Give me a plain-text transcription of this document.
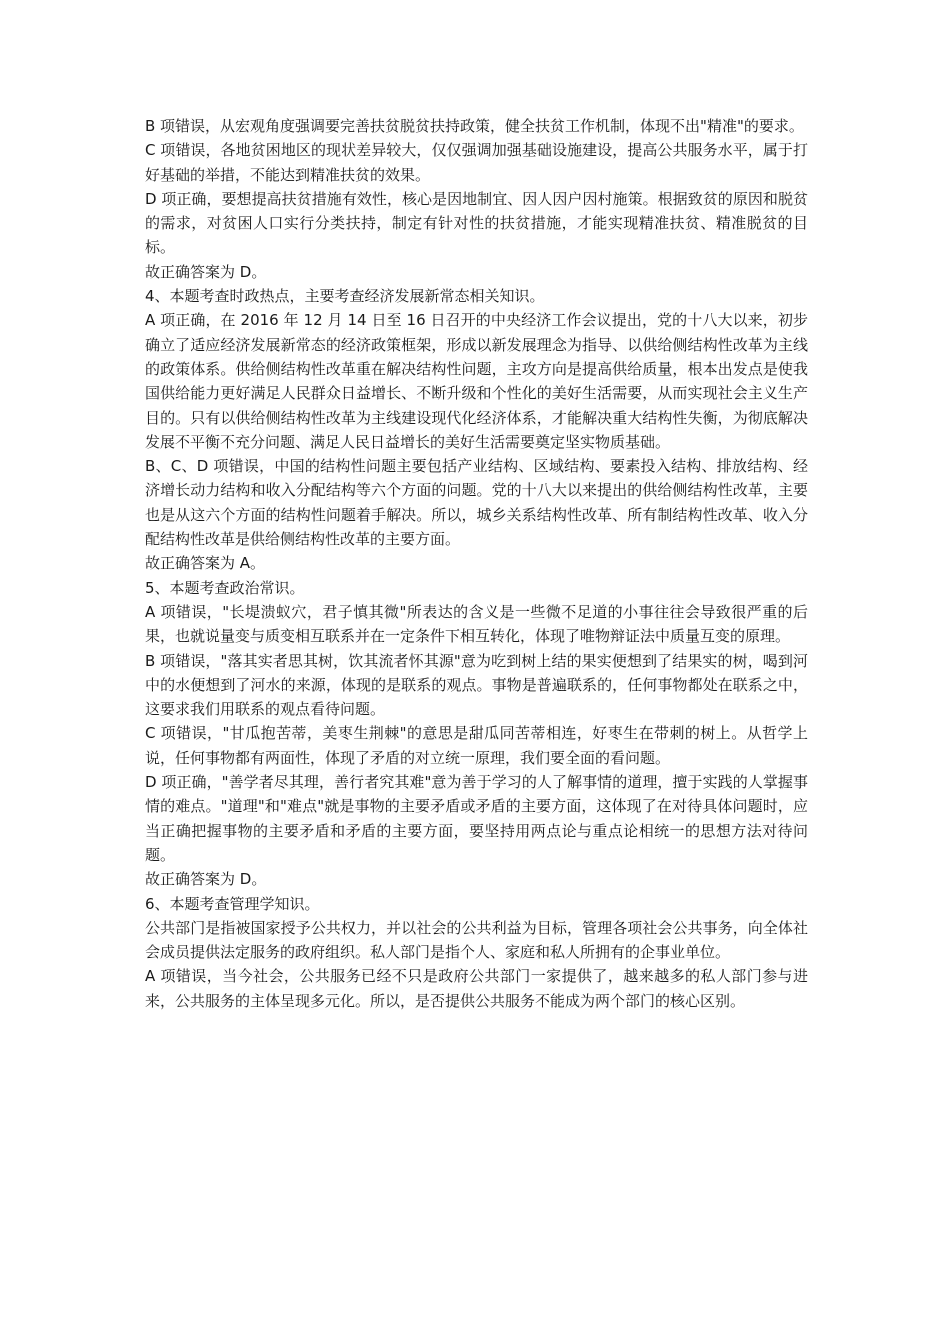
B 项错误，从宏观角度强调要完善扶贫脱贫扶持政策，健全扶贫工作机制，体现不出"精准"的要求。

C 项错误，各地贫困地区的现状差异较大，仅仅强调加强基础设施建设，提高公共服务水平，属于打好基础的举措，不能达到精准扶贫的效果。

D 项正确，要想提高扶贫措施有效性，核心是因地制宜、因人因户因村施策。根据致贫的原因和脱贫的需求，对贫困人口实行分类扶持，制定有针对性的扶贫措施，才能实现精准扶贫、精准脱贫的目标。

故正确答案为 D。

4、本题考查时政热点，主要考查经济发展新常态相关知识。

A 项正确，在 2016 年 12 月 14 日至 16 日召开的中央经济工作会议提出，党的十八大以来，初步确立了适应经济发展新常态的经济政策框架，形成以新发展理念为指导、以供给侧结构性改革为主线的政策体系。供给侧结构性改革重在解决结构性问题，主攻方向是提高供给质量，根本出发点是使我国供给能力更好满足人民群众日益增长、不断升级和个性化的美好生活需要，从而实现社会主义生产目的。只有以供给侧结构性改革为主线建设现代化经济体系，才能解决重大结构性失衡，为彻底解决发展不平衡不充分问题、满足人民日益增长的美好生活需要奠定坚实物质基础。

B、C、D 项错误，中国的结构性问题主要包括产业结构、区域结构、要素投入结构、排放结构、经济增长动力结构和收入分配结构等六个方面的问题。党的十八大以来提出的供给侧结构性改革，主要也是从这六个方面的结构性问题着手解决。所以，城乡关系结构性改革、所有制结构性改革、收入分配结构性改革是供给侧结构性改革的主要方面。

故正确答案为 A。

5、本题考查政治常识。

A 项错误，"长堤溃蚁穴，君子慎其微"所表达的含义是一些微不足道的小事往往会导致很严重的后果，也就说量变与质变相互联系并在一定条件下相互转化，体现了唯物辩证法中质量互变的原理。

B 项错误，"落其实者思其树，饮其流者怀其源"意为吃到树上结的果实便想到了结果实的树，喝到河中的水便想到了河水的来源，体现的是联系的观点。事物是普遍联系的，任何事物都处在联系之中，这要求我们用联系的观点看待问题。

C 项错误，"甘瓜抱苦蒂，美枣生荆棘"的意思是甜瓜同苦蒂相连，好枣生在带刺的树上。从哲学上说，任何事物都有两面性，体现了矛盾的对立统一原理，我们要全面的看问题。

D 项正确，"善学者尽其理，善行者究其难"意为善于学习的人了解事情的道理，擅于实践的人掌握事情的难点。"道理"和"难点"就是事物的主要矛盾或矛盾的主要方面，这体现了在对待具体问题时，应当正确把握事物的主要矛盾和矛盾的主要方面，要坚持用两点论与重点论相统一的思想方法对待问题。

故正确答案为 D。

6、本题考查管理学知识。

公共部门是指被国家授予公共权力，并以社会的公共利益为目标，管理各项社会公共事务，向全体社会成员提供法定服务的政府组织。私人部门是指个人、家庭和私人所拥有的企事业单位。

A 项错误，当今社会，公共服务已经不只是政府公共部门一家提供了，越来越多的私人部门参与进来，公共服务的主体呈现多元化。所以，是否提供公共服务不能成为两个部门的核心区别。
